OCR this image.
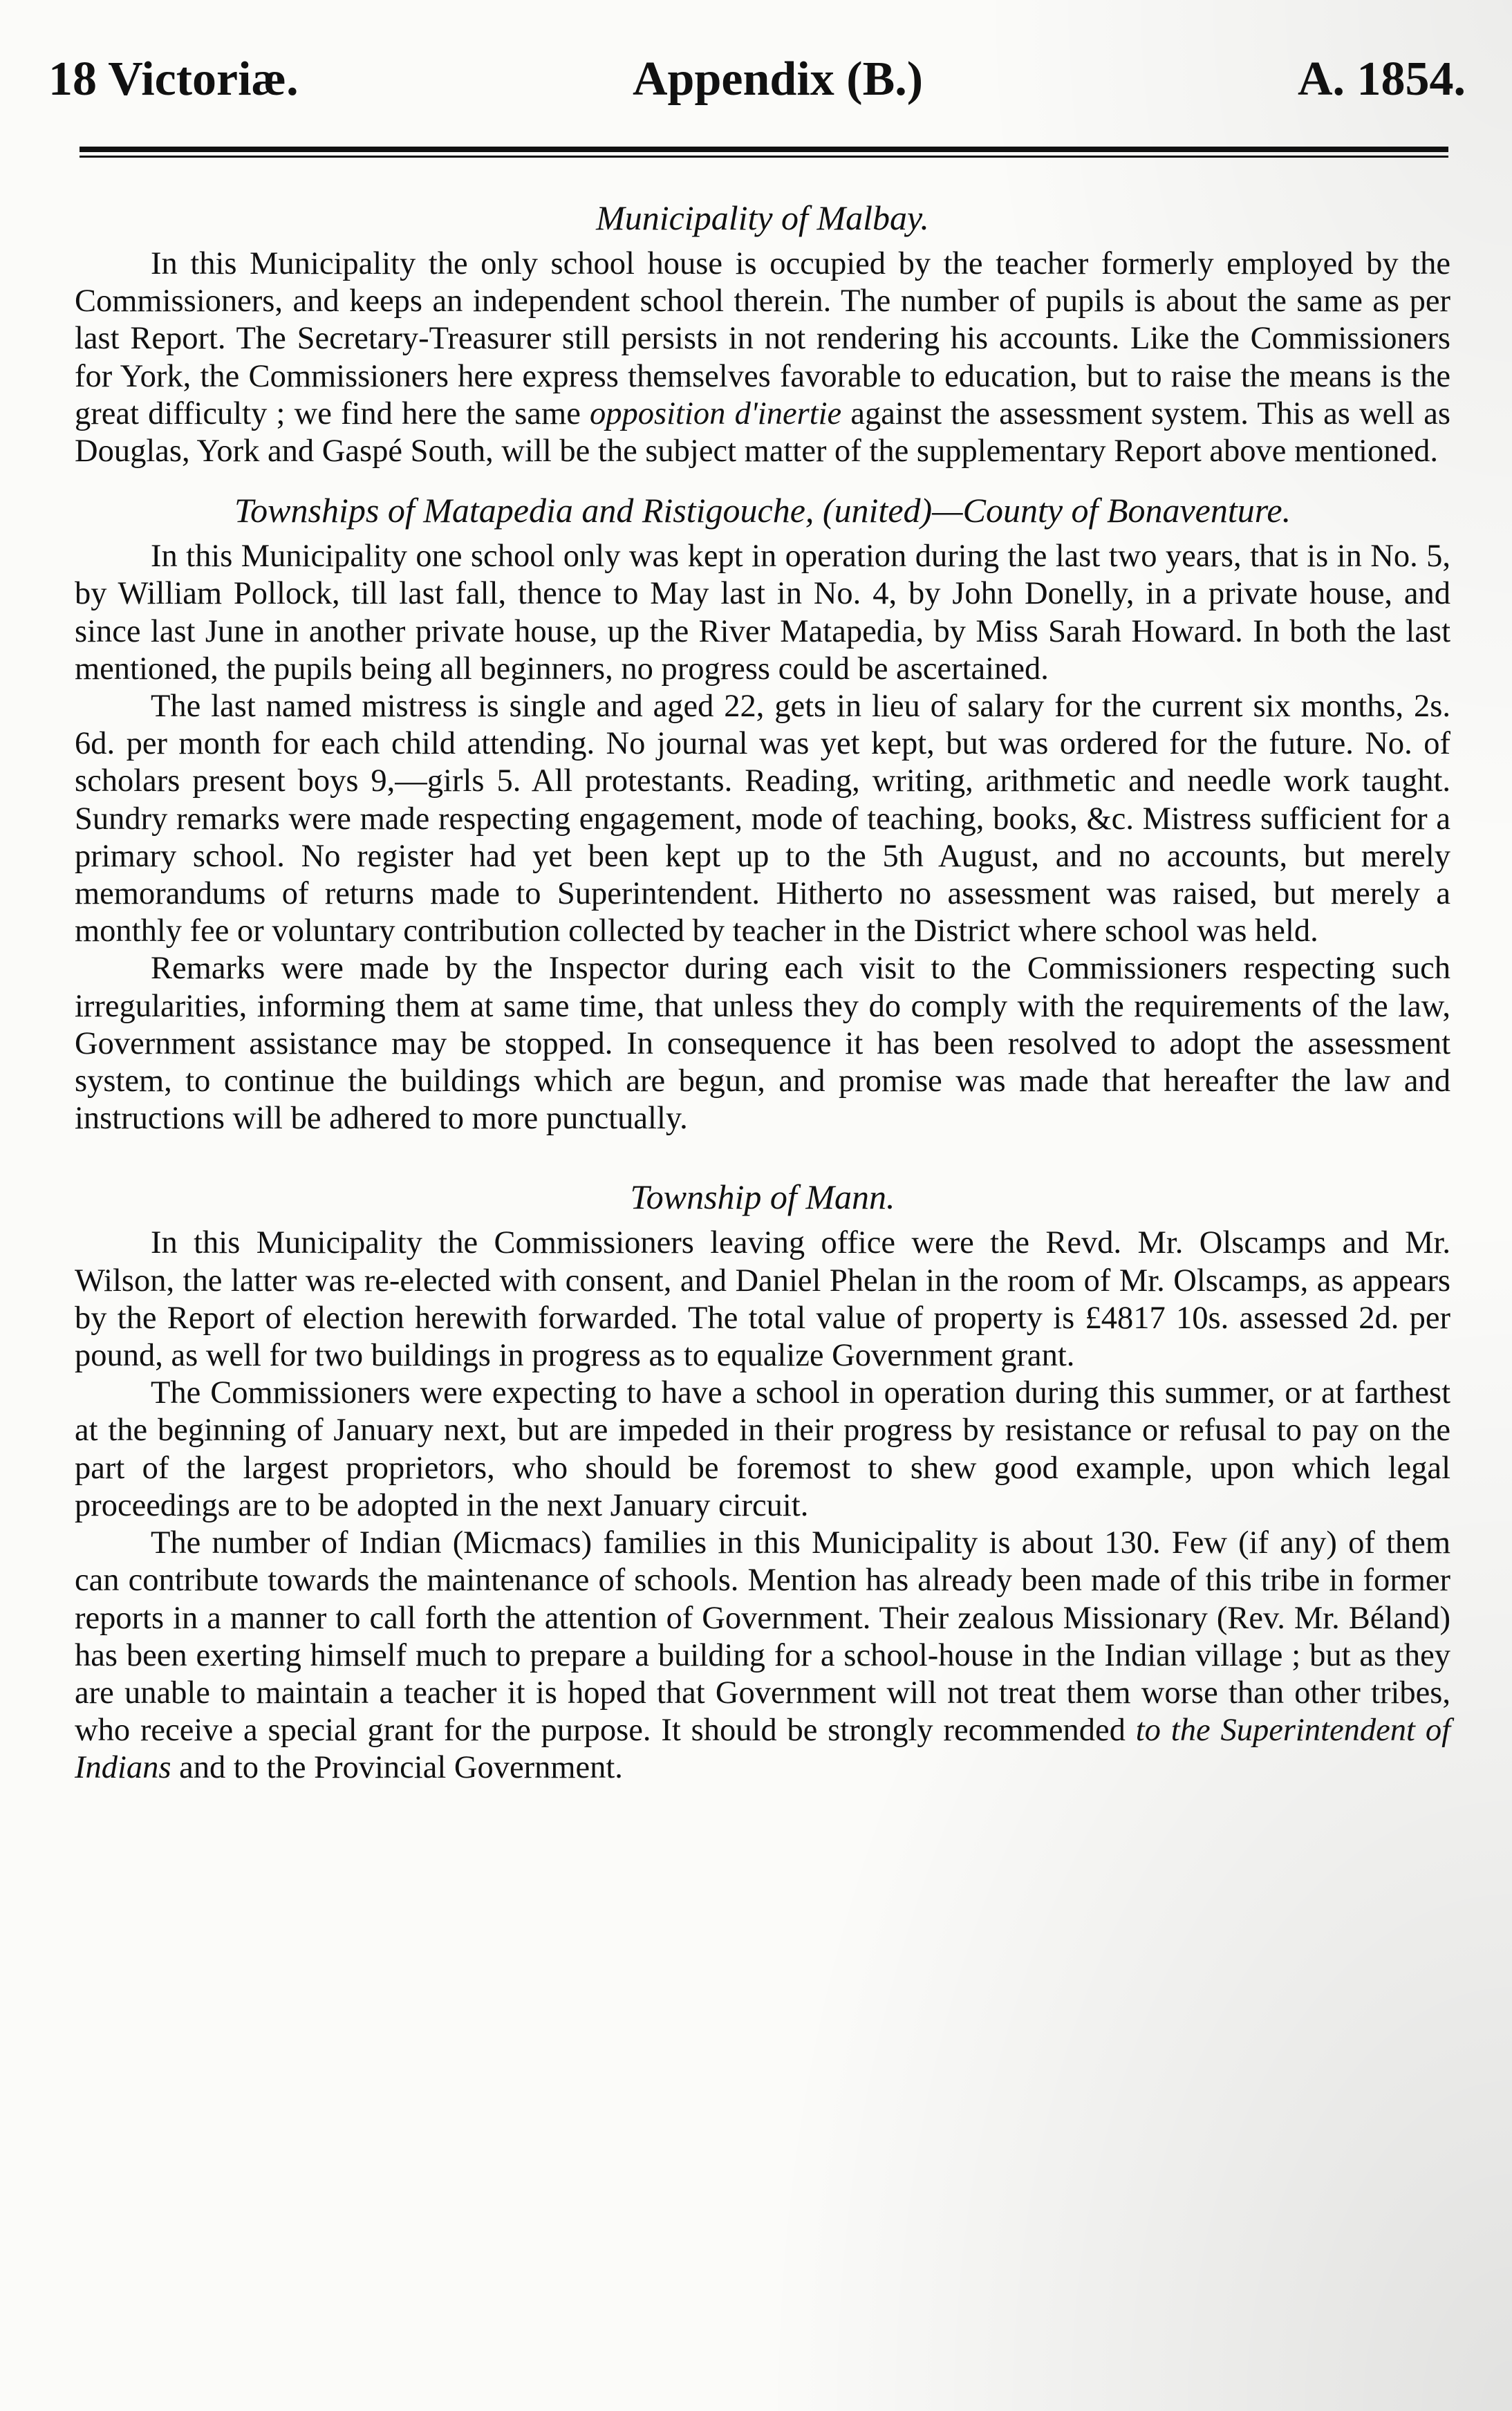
18 Victoriæ.	Appendix (B.)	A. 1854.
Municipality of Malbay.

In this Municipality the only school house is occupied by the teacher formerly employed by the Commissioners, and keeps an independent school therein. The number of pupils is about the same as per last Report. The Secretary-Treasurer still persists in not rendering his accounts. Like the Commissioners for York, the Commissioners here express themselves favorable to education, but to raise the means is the great difficulty ; we find here the same opposition d'inertie against the assessment system. This as well as Douglas, York and Gaspé South, will be the subject matter of the supplementary Report above mentioned.

Townships of Matapedia and Ristigouche, (united)—County of Bonaventure.

In this Municipality one school only was kept in operation during the last two years, that is in No. 5, by William Pollock, till last fall, thence to May last in No. 4, by John Donelly, in a private house, and since last June in another private house, up the River Matapedia, by Miss Sarah Howard. In both the last mentioned, the pupils being all beginners, no progress could be ascertained.

The last named mistress is single and aged 22, gets in lieu of salary for the current six months, 2s. 6d. per month for each child attending. No journal was yet kept, but was ordered for the future. No. of scholars present boys 9,—girls 5. All protestants. Reading, writing, arithmetic and needle work taught. Sundry remarks were made respecting engagement, mode of teaching, books, &c. Mistress sufficient for a primary school. No register had yet been kept up to the 5th August, and no accounts, but merely memorandums of returns made to Superintendent. Hitherto no assessment was raised, but merely a monthly fee or voluntary contribution collected by teacher in the District where school was held.

Remarks were made by the Inspector during each visit to the Commissioners respecting such irregularities, informing them at same time, that unless they do comply with the requirements of the law, Government assistance may be stopped. In consequence it has been resolved to adopt the assessment system, to continue the buildings which are begun, and promise was made that hereafter the law and instructions will be adhered to more punctually.

Township of Mann.

In this Municipality the Commissioners leaving office were the Revd. Mr. Olscamps and Mr. Wilson, the latter was re-elected with consent, and Daniel Phelan in the room of Mr. Olscamps, as appears by the Report of election herewith forwarded. The total value of property is £4817 10s. assessed 2d. per pound, as well for two buildings in progress as to equalize Government grant.

The Commissioners were expecting to have a school in operation during this summer, or at farthest at the beginning of January next, but are impeded in their progress by resistance or refusal to pay on the part of the largest proprietors, who should be foremost to shew good example, upon which legal proceedings are to be adopted in the next January circuit.

The number of Indian (Micmacs) families in this Municipality is about 130. Few (if any) of them can contribute towards the maintenance of schools. Mention has already been made of this tribe in former reports in a manner to call forth the attention of Government. Their zealous Missionary (Rev. Mr. Béland) has been exerting himself much to prepare a building for a school-house in the Indian village ; but as they are unable to maintain a teacher it is hoped that Government will not treat them worse than other tribes, who receive a special grant for the purpose. It should be strongly recommended to the Superintendent of Indians and to the Provincial Government.
